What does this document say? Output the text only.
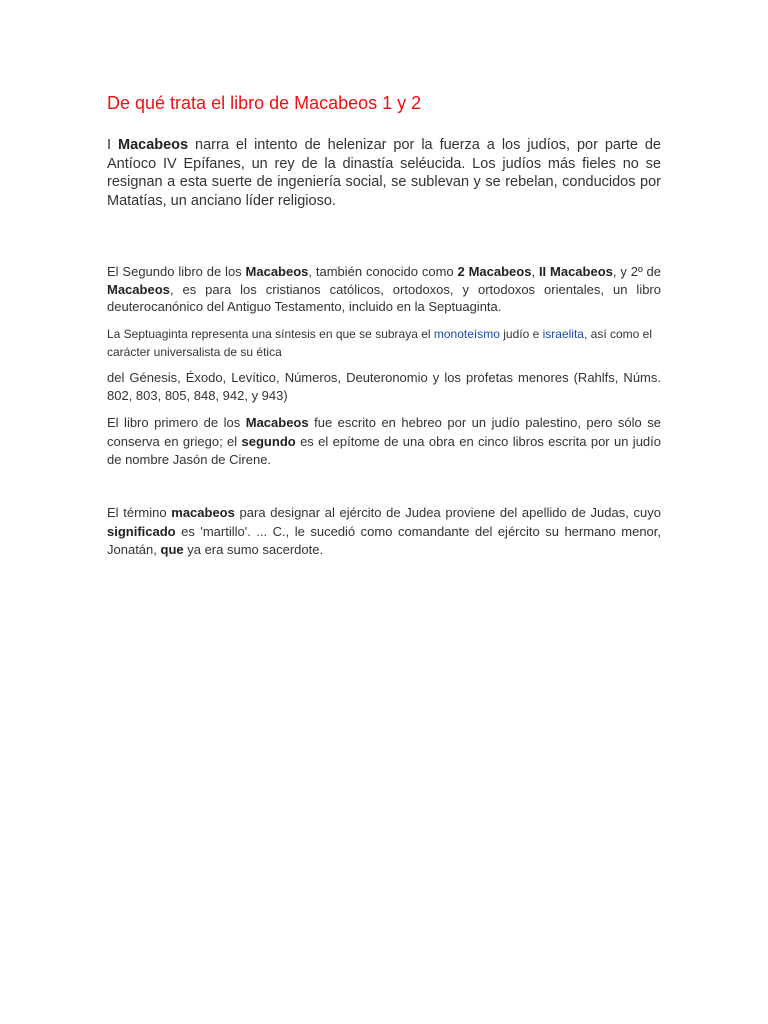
De qué trata el libro de Macabeos 1 y 2

I Macabeos narra el intento de helenizar por la fuerza a los judíos, por parte de Antíoco IV Epífanes, un rey de la dinastía seléucida. Los judíos más fieles no se resignan a esta suerte de ingeniería social, se sublevan y se rebelan, conducidos por Matatías, un anciano líder religioso.

El Segundo libro de los Macabeos, también conocido como 2 Macabeos, II Macabeos, y 2º de Macabeos, es para los cristianos católicos, ortodoxos, y ortodoxos orientales, un libro deuterocanónico del Antiguo Testamento, incluido en la Septuaginta.

La Septuaginta representa una síntesis en que se subraya el monoteísmo judío e israelita, así como el carácter universalista de su ética

del Génesis, Éxodo, Levítico, Números, Deuteronomio y los profetas menores (Rahlfs, Núms. 802, 803, 805, 848, 942, y 943)

El libro primero de los Macabeos fue escrito en hebreo por un judío palestino, pero sólo se conserva en griego; el segundo es el epítome de una obra en cinco libros escrita por un judío de nombre Jasón de Cirene.

El término macabeos para designar al ejército de Judea proviene del apellido de Judas, cuyo significado es 'martillo'. ... C., le sucedió como comandante del ejército su hermano menor, Jonatán, que ya era sumo sacerdote.
